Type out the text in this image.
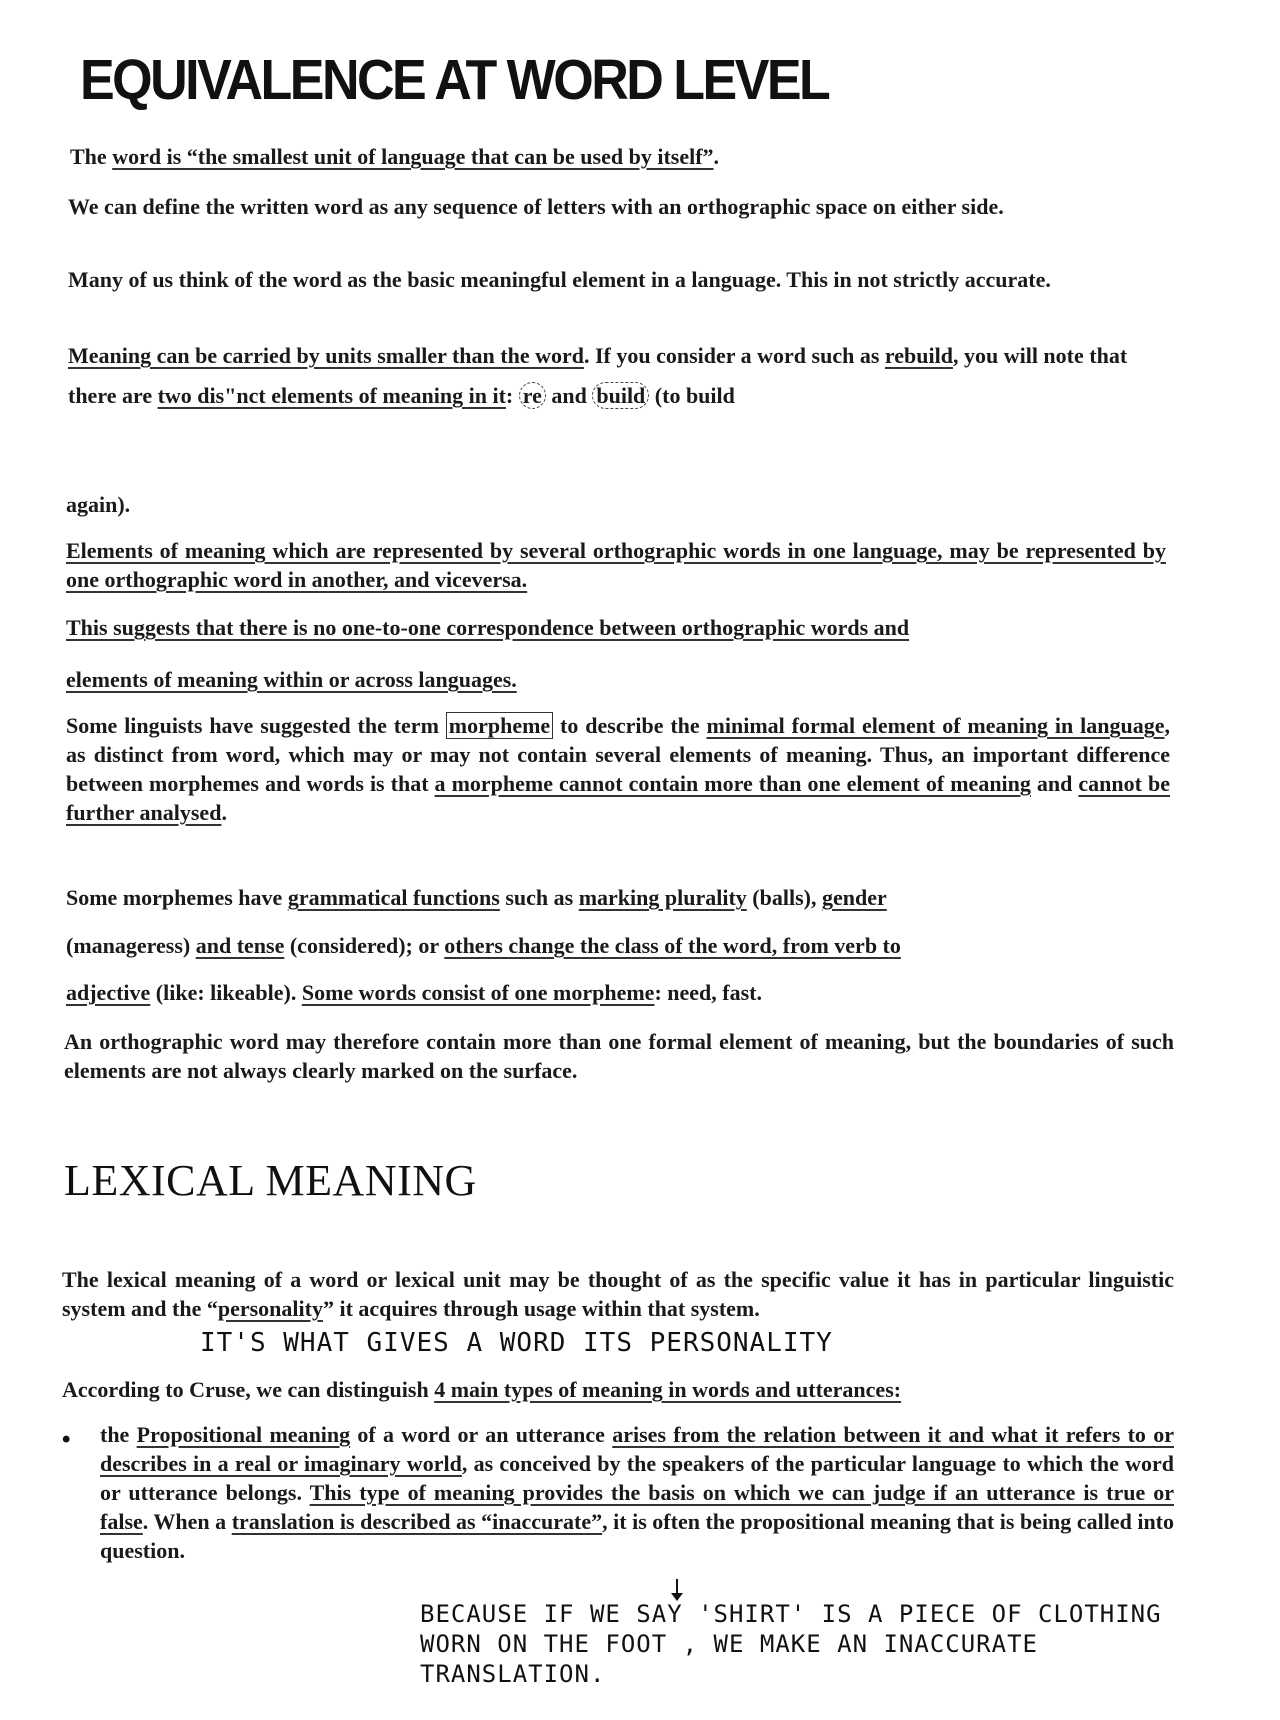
EQUIVALENCE AT WORD LEVEL

The word is “the smallest unit of language that can be used by itself”.

We can define the written word as any sequence of letters with an orthographic space on either side.

Many of us think of the word as the basic meaningful element in a language. This in not strictly accurate.

Meaning can be carried by units smaller than the word. If you consider a word such as rebuild, you will note that there are two dis"nct elements of meaning in it: re and build (to build

again).

Elements of meaning which are represented by several orthographic words in one language, may be represented by one orthographic word in another, and viceversa.

This suggests that there is no one-to-one correspondence between orthographic words and

elements of meaning within or across languages.

Some linguists have suggested the term morpheme to describe the minimal formal element of meaning in language, as distinct from word, which may or may not contain several elements of meaning. Thus, an important difference between morphemes and words is that a morpheme cannot contain more than one element of meaning and cannot be further analysed.

Some morphemes have grammatical functions such as marking plurality (balls), gender

(manageress) and tense (considered); or others change the class of the word, from verb to

adjective (like: likeable). Some words consist of one morpheme: need, fast.

An orthographic word may therefore contain more than one formal element of meaning, but the boundaries of such elements are not always clearly marked on the surface.

LEXICAL MEANING

The lexical meaning of a word or lexical unit may be thought of as the specific value it has in particular linguistic system and the “personality” it acquires through usage within that system.

IT'S WHAT GIVES A WORD ITS PERSONALITY

According to Cruse, we can distinguish 4 main types of meaning in words and utterances:

• the Propositional meaning of a word or an utterance arises from the relation between it and what it refers to or describes in a real or imaginary world, as conceived by the speakers of the particular language to which the word or utterance belongs. This type of meaning provides the basis on which we can judge if an utterance is true or false. When a translation is described as “inaccurate”, it is often the propositional meaning that is being called into question.

BECAUSE IF WE SAY 'SHIRT' IS A PIECE OF CLOTHING
WORN ON THE FOOT , WE MAKE AN INACCURATE
TRANSLATION.
